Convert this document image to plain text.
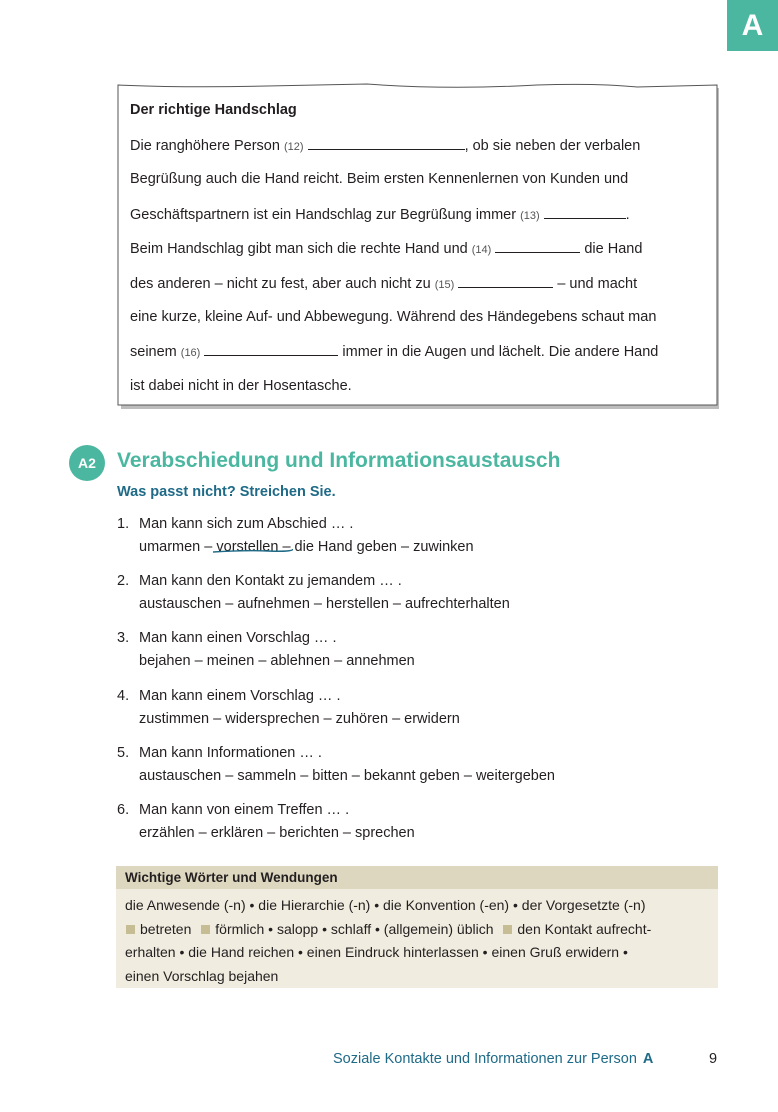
A
Der richtige Handschlag
Die ranghöhere Person (12)	, ob sie neben der verbalen
Begrüßung auch die Hand reicht. Beim ersten Kennenlernen von Kunden und
Geschäftspartnern ist ein Handschlag zur Begrüßung immer (13)	.
Beim Handschlag gibt man sich die rechte Hand und (14)	die Hand
des anderen – nicht zu fest, aber auch nicht zu (15)	– und macht
eine kurze, kleine Auf- und Abbewegung. Während des Händegebens schaut man
seinem (16)	immer in die Augen und lächelt. Die andere Hand
ist dabei nicht in der Hosentasche.
A2	Verabschiedung und Informationsaustausch
Was passt nicht? Streichen Sie.
1. Man kann sich zum Abschied … .
umarmen – vorstellen
– die Hand geben – zuwinken
2. Man kann den Kontakt zu jemandem … .
austauschen – aufnehmen – herstellen – aufrechterhalten
3. Man kann einen Vorschlag … .
bejahen – meinen – ablehnen – annehmen
4. Man kann einem Vorschlag … .
zustimmen – widersprechen – zuhören – erwidern
5. Man kann Informationen … .
austauschen – sammeln – bitten – bekannt geben – weitergeben
6. Man kann von einem Treffen … .
erzählen – erklären – berichten – sprechen
Wichtige Wörter und Wendungen
die Anwesende (-n) • die Hierarchie (-n) • die Konvention (-en) • der Vorgesetzte (-n)
betreten förmlich • salopp • schlaff • (allgemein) üblich den Kontakt aufrecht-
erhalten • die Hand reichen • einen Eindruck hinterlassen • einen Gruß erwidern •
einen Vorschlag bejahen
Soziale Kontakte und Informationen zur Person A	9
